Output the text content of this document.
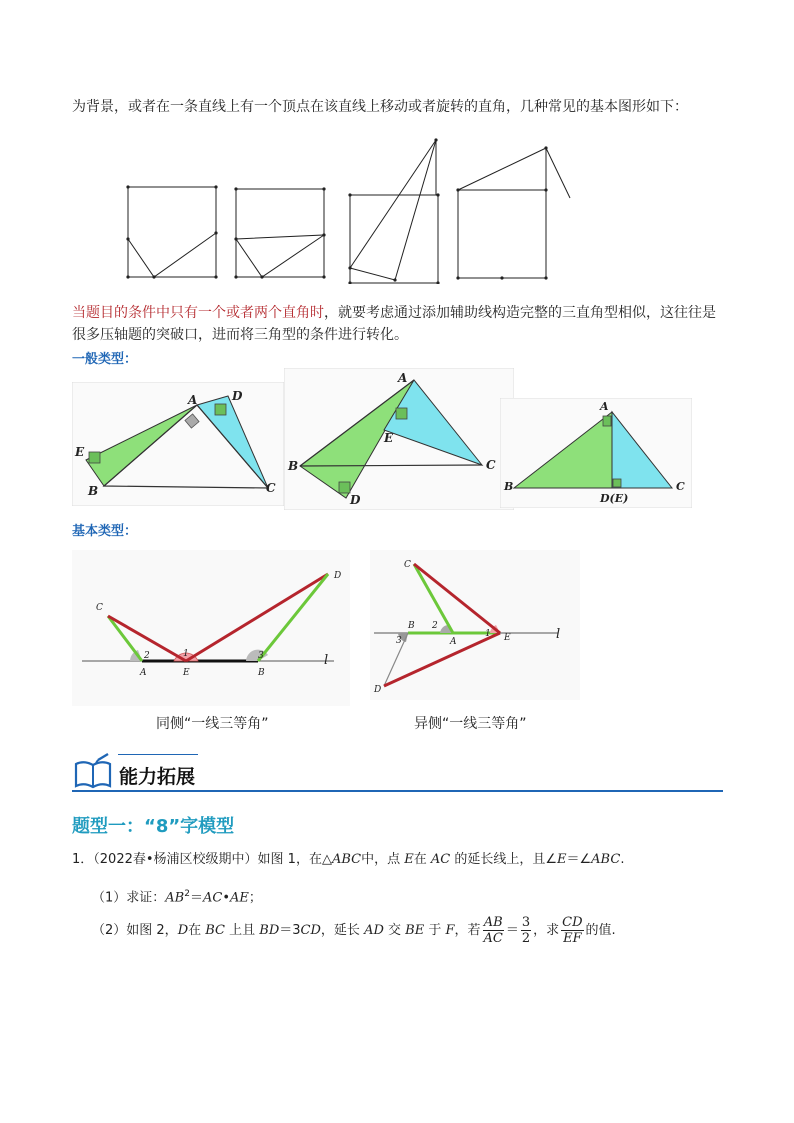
为背景，或者在一条直线上有一个顶点在该直线上移动或者旋转的直角，几种常见的基本图形如下：
当题目的条件中只有一个或者两个直角时，就要考虑通过添加辅助线构造完整的三直角型相似，这往往是
很多压轴题的突破口，进而将三角型的条件进行转化。
一般类型：
A
B	C
D
E
A
B	C
D
E
A
B	C
D(E)
基本类型：
C
D
A	E	B
2	1	3	l
C
B
A	E
D
2
1
3	l
同侧“一线三等角”	异侧“一线三等角”
能力拓展
题型一：“8”字模型
1．（2022春•杨浦区校级期中）如图 1，在△ABC中，点 E在 AC 的延长线上，且∠E＝∠ABC.
（1）求证：$AB^2=AC•AE$；
（2）如图 2，D在 BC 上且 BD＝3CD，延长 AD 交 BE 于 F，若 $\frac{AB}{AC} = \frac{3}{2}$ ，求 $\frac{CD}{EF}$ 的值.
